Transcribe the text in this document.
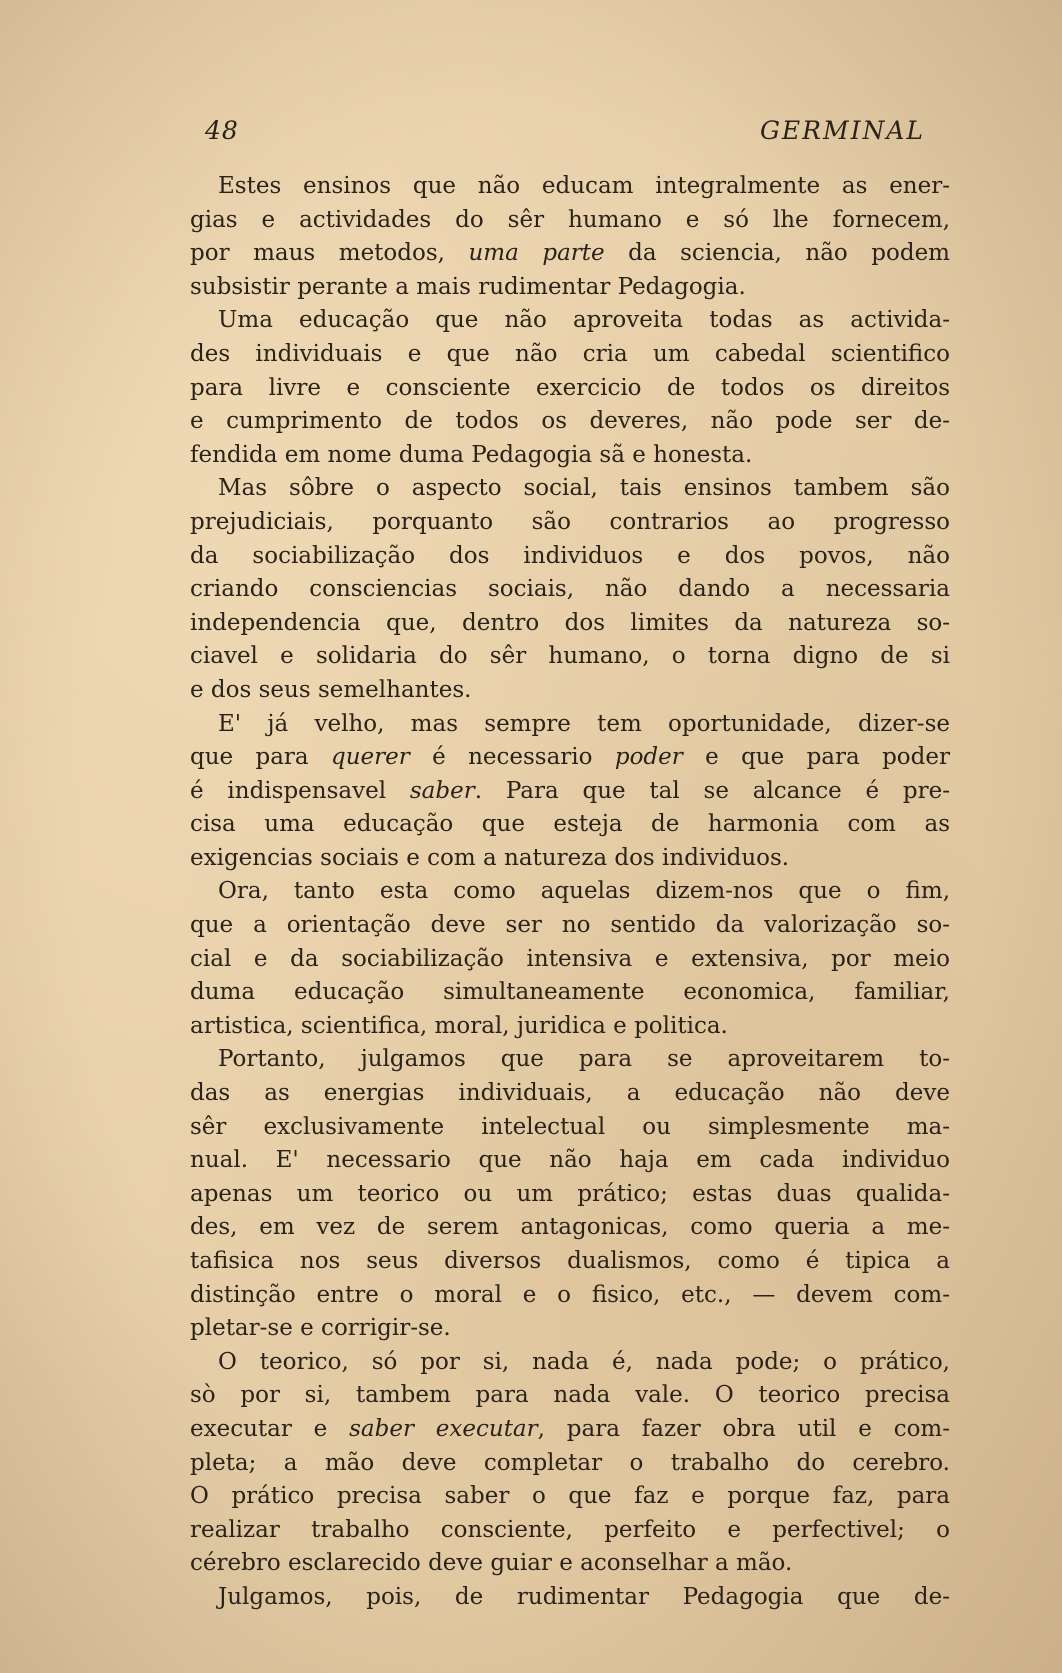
48	GERMINAL
Estes ensinos que não educam integralmente as ener-
gias e actividades do sêr humano e só lhe fornecem,
por maus metodos, uma parte da sciencia, não podem
subsistir perante a mais rudimentar Pedagogia.
Uma educação que não aproveita todas as activida-
des individuais e que não cria um cabedal scientifico
para livre e consciente exercicio de todos os direitos
e cumprimento de todos os deveres, não pode ser de-
fendida em nome duma Pedagogia sã e honesta.
Mas sôbre o aspecto social, tais ensinos tambem são
prejudiciais, porquanto são contrarios ao progresso
da sociabilização dos individuos e dos povos, não
criando consciencias sociais, não dando a necessaria
independencia que, dentro dos limites da natureza so-
ciavel e solidaria do sêr humano, o torna digno de si
e dos seus semelhantes.
E' já velho, mas sempre tem oportunidade, dizer-se
que para querer é necessario poder e que para poder
é indispensavel saber. Para que tal se alcance é pre-
cisa uma educação que esteja de harmonia com as
exigencias sociais e com a natureza dos individuos.
Ora, tanto esta como aquelas dizem-nos que o fim,
que a orientação deve ser no sentido da valorização so-
cial e da sociabilização intensiva e extensiva, por meio
duma educação simultaneamente economica, familiar,
artistica, scientifica, moral, juridica e politica.
Portanto, julgamos que para se aproveitarem to-
das as energias individuais, a educação não deve
sêr exclusivamente intelectual ou simplesmente ma-
nual. E' necessario que não haja em cada individuo
apenas um teorico ou um prático; estas duas qualida-
des, em vez de serem antagonicas, como queria a me-
tafisica nos seus diversos dualismos, como é tipica a
distinção entre o moral e o fisico, etc., — devem com-
pletar-se e corrigir-se.
O teorico, só por si, nada é, nada pode; o prático,
sò por si, tambem para nada vale. O teorico precisa
executar e saber executar, para fazer obra util e com-
pleta; a mão deve completar o trabalho do cerebro.
O prático precisa saber o que faz e porque faz, para
realizar trabalho consciente, perfeito e perfectivel; o
cérebro esclarecido deve guiar e aconselhar a mão.
Julgamos, pois, de rudimentar Pedagogia que de-
